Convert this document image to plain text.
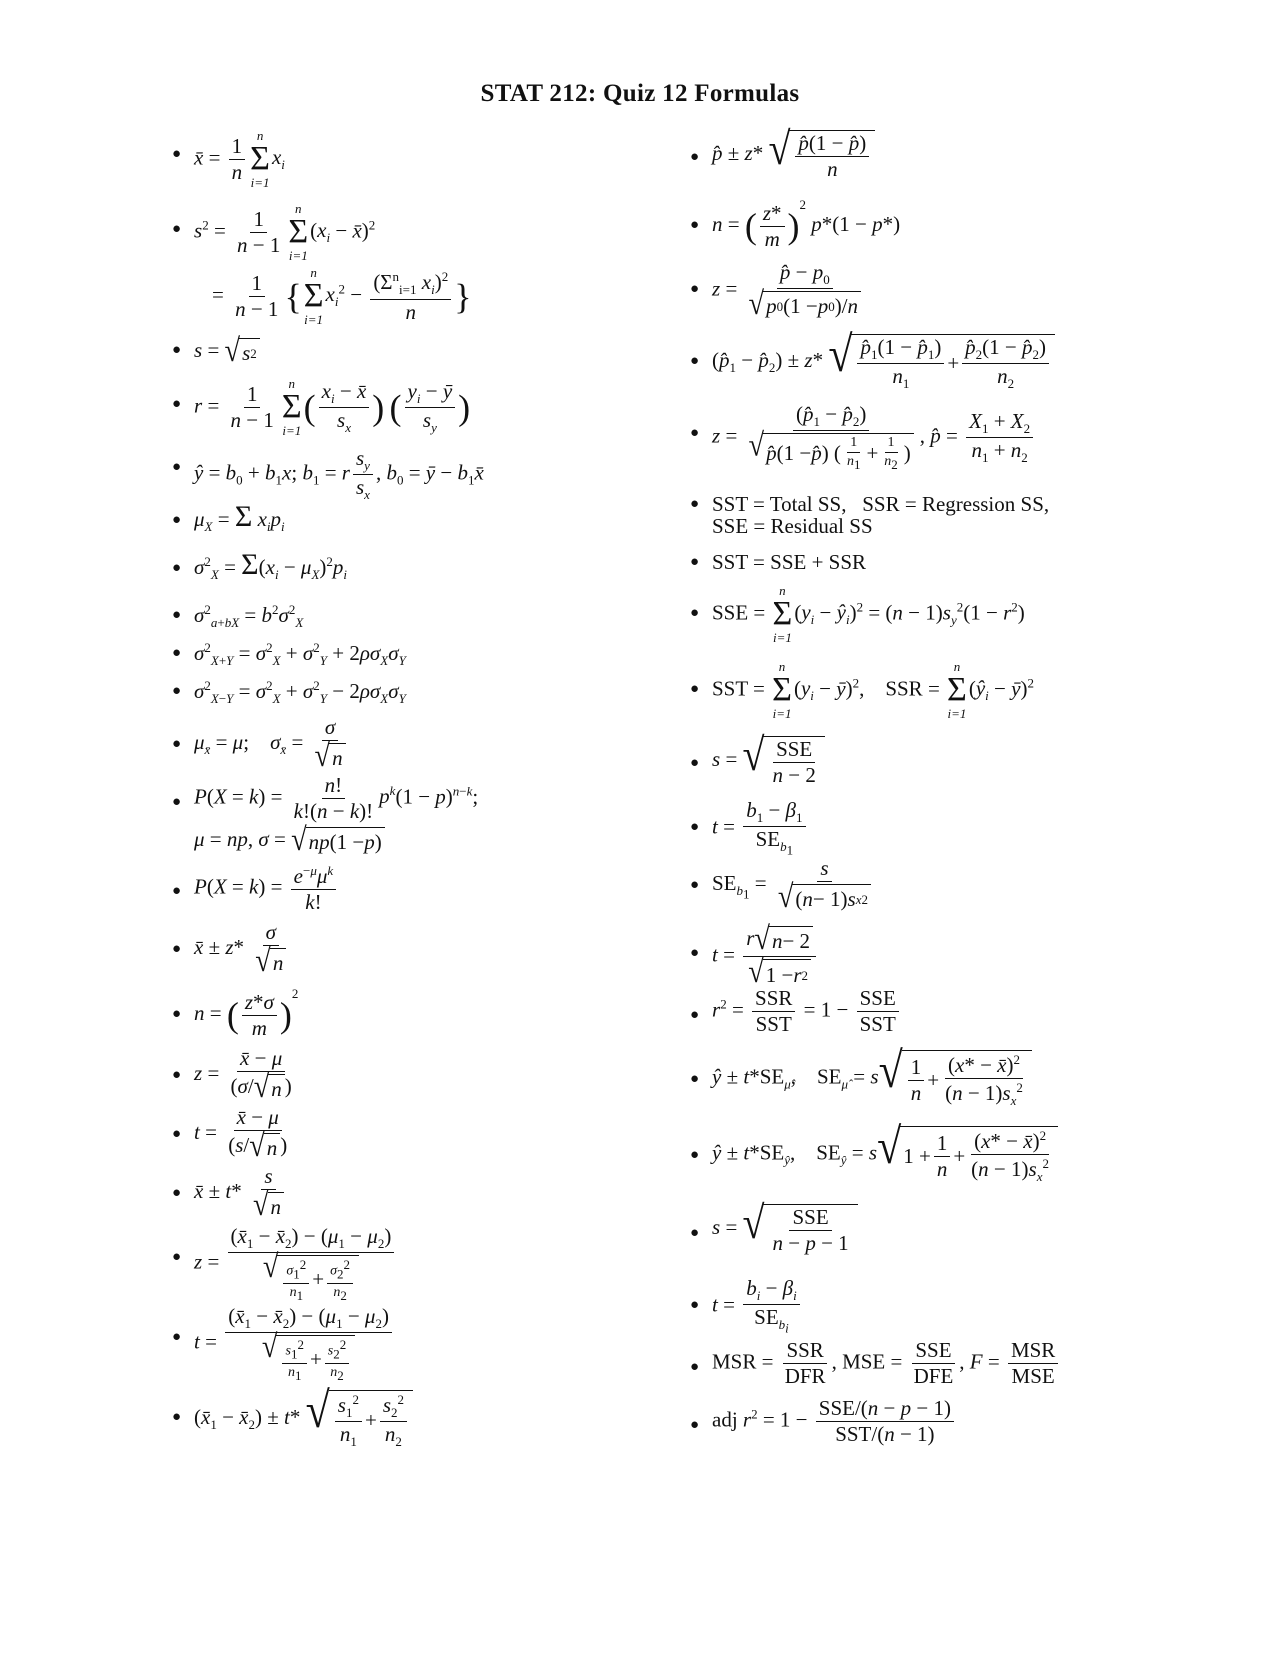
STAT 212: Quiz 12 Formulas
● x̄ = $\frac{1}{n}$
n
Σ
i=1
$x_i$
● $s^2 = \frac{1}{n - 1}$
n
Σ
i=1
($x_i$ − x̄)$^2$
= $\frac{1}{n - 1}$ {
n
Σ
i=1
$x_i^2 - \frac{(\Sigma^n_{i=1} x_i)^2}{n}$ }
● s = √ s 2
● $r = \frac{1}{n - 1}$
n
Σ
i=1
( $\frac{x_i - x̄}{s_x}$ ) ( $\frac{y_i - ȳ}{s_y}$ )
● ŷ = $b_0 + b_1x$; $b_1 = r \frac{s_y}{s_x}$ , $b_0$ = ȳ − $b_1x̄$
● $\mu_X = \Sigma$ $x_ip_i$
● $\sigma^2_X = \Sigma(x_i - \mu_X)^2p_i$
● $\sigma^2_{a+bX} = b^2\sigma^2_X$
● $\sigma^2_{X+Y} = \sigma^2_X + \sigma^2_Y + 2\rho\sigma_X\sigma_Y$
● $\sigma^2_{X-Y} = \sigma^2_X + \sigma^2_Y - 2\rho\sigma_X\sigma_Y$
● $\mu_{x̄} = \mu$;    $\sigma_{x̄} = \frac{\sigma}{√ n}$
● $P(X = k) = \frac{n!}{k!(n - k)!} p^k(1 - p)^{n-k}$;
μ = np, σ = √ np (1 − p )
● $P(X = k) = \frac{e^{-\mu}\mu^k}{k!}$
● x̄ ± $z* \frac{\sigma}{√ n}$
● n = ( $\frac{z*\sigma}{m} )^2$
● $z = \frac{x̄ - \mu}{(\sigma/ √ n )}$
● $t = \frac{x̄ - \mu}{(s/ √ n )}$
● x̄ ± $t* \frac{s}{√ n}$
● $z = \frac{(x̄_1 - x̄_2) - (\mu_1 - \mu_2)}{√ \frac{\sigma_1^2}{n_1} + \frac{\sigma_2^2}{n_2}}$
● $t = \frac{(x̄_1 - x̄_2) - (\mu_1 - \mu_2)}{√ \frac{s_1^2}{n_1} + \frac{s_2^2}{n_2}}$
● ($x̄_1$ − $x̄_2) \pm t*$ √ $\frac{s_1^2}{n_1} + \frac{s_2^2}{n_2}$
● p̂ ± z* √ $\frac{p̂(1 - p̂)}{n}$
● n = ( $\frac{z*}{m} )^2$ p*(1 − p*)
● $z = \frac{p̂ - p_0}{√ p 0 (1 - p 0 )/ n}$
● ($p̂_1$ − $p̂_2) \pm z*$ √ $\frac{p̂_1(1 - p̂_1)}{n_1} + \frac{p̂_2(1 - p̂_2)}{n_2}$
● $z = \frac{(p̂_1 - p̂_2)}{√ p̂ (1 - p̂ ) ( \frac{1}{n_1} + \frac{1}{n_2} )}$ , p̂ = $\frac{X_1 + X_2}{n_1 + n_2}$
● SST = Total SS, SSR = Regression SS,
SSE = Residual SS
● SST = SSE + SSR
● SSE =
n
Σ
i=1
($y_i$ − $ŷ_i)^2 = (n - 1)s_y^2(1 - r^2)$
● SST =
n
Σ
i=1
($y_i$ − ȳ)$^2$,    SSR =
n
Σ
i=1
($ŷ_i$ − ȳ)$^2$
● s = √ $\frac{\text{SSE}}{n - 2}$
● $t = \frac{b_1 - \beta_1}{SE_{b_1}}$
● $SE_{b_1} = \frac{s}{\text{√ ( n − 1) s x 2}}$
● $t = \frac{r √ n - 2}{√ 1 - r 2}$
● $r^2 = \frac{\text{SSR}}{\text{SST}} = 1 - \frac{\text{SSE}}{\text{SST}}$
● ŷ ± $t*SE_{\mû}$,    $SE_{\mû} = s$ √ $\frac{1}{n} + \frac{(x* - x̄)^2}{(n - 1)s_x^2}$
● ŷ ± $t*SE_ŷ$,    $SE_ŷ = s$ √ $1 + \frac{1}{n} + \frac{(x* - x̄)^2}{(n - 1)s_x^2}$
● s = √ $\frac{\text{SSE}}{n - p - 1}$
● $t = \frac{b_i - \beta_i}{SE_{b_i}}$
● MSR = $\frac{\text{SSR}}{\text{DFR}}$ , MSE = $\frac{\text{SSE}}{\text{DFE}}$ , $F = \frac{\text{MSR}}{\text{MSE}}$
● adj $r^2 = 1 - \frac{\text{SSE/(n − p − 1)}}{\text{SST/(n − 1)}}$
